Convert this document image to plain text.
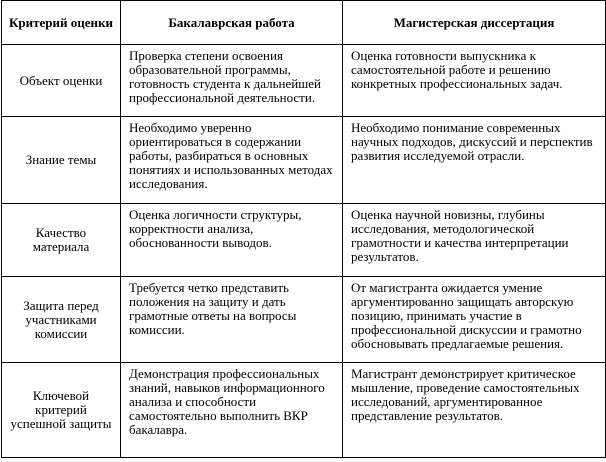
Критерий оценки	Бакалаврская работа	Магистерская диссертация
Объект оценки	Проверка степени освоения образовательной программы, готовность студента к дальнейшей профессиональной деятельности.	Оценка готовности выпускника к самостоятельной работе и решению конкретных профессиональных задач.
Знание темы	Необходимо уверенно ориентироваться в содержании работы, разбираться в основных понятиях и использованных методах исследования.	Необходимо понимание современных научных подходов, дискуссий и перспектив развития исследуемой отрасли.
Качество материала	Оценка логичности структуры, корректности анализа, обоснованности выводов.	Оценка научной новизны, глубины исследования, методологической грамотности и качества интерпретации результатов.
Защита перед участниками комиссии	Требуется четко представить положения на защиту и дать грамотные ответы на вопросы комиссии.	От магистранта ожидается умение аргументированно защищать авторскую позицию, принимать участие в профессиональной дискуссии и грамотно обосновывать предлагаемые решения.
Ключевой критерий успешной защиты	Демонстрация профессиональных знаний, навыков информационного анализа и способности самостоятельно выполнить ВКР бакалавра.	Магистрант демонстрирует критическое мышление, проведение самостоятельных исследований, аргументированное представление результатов.
